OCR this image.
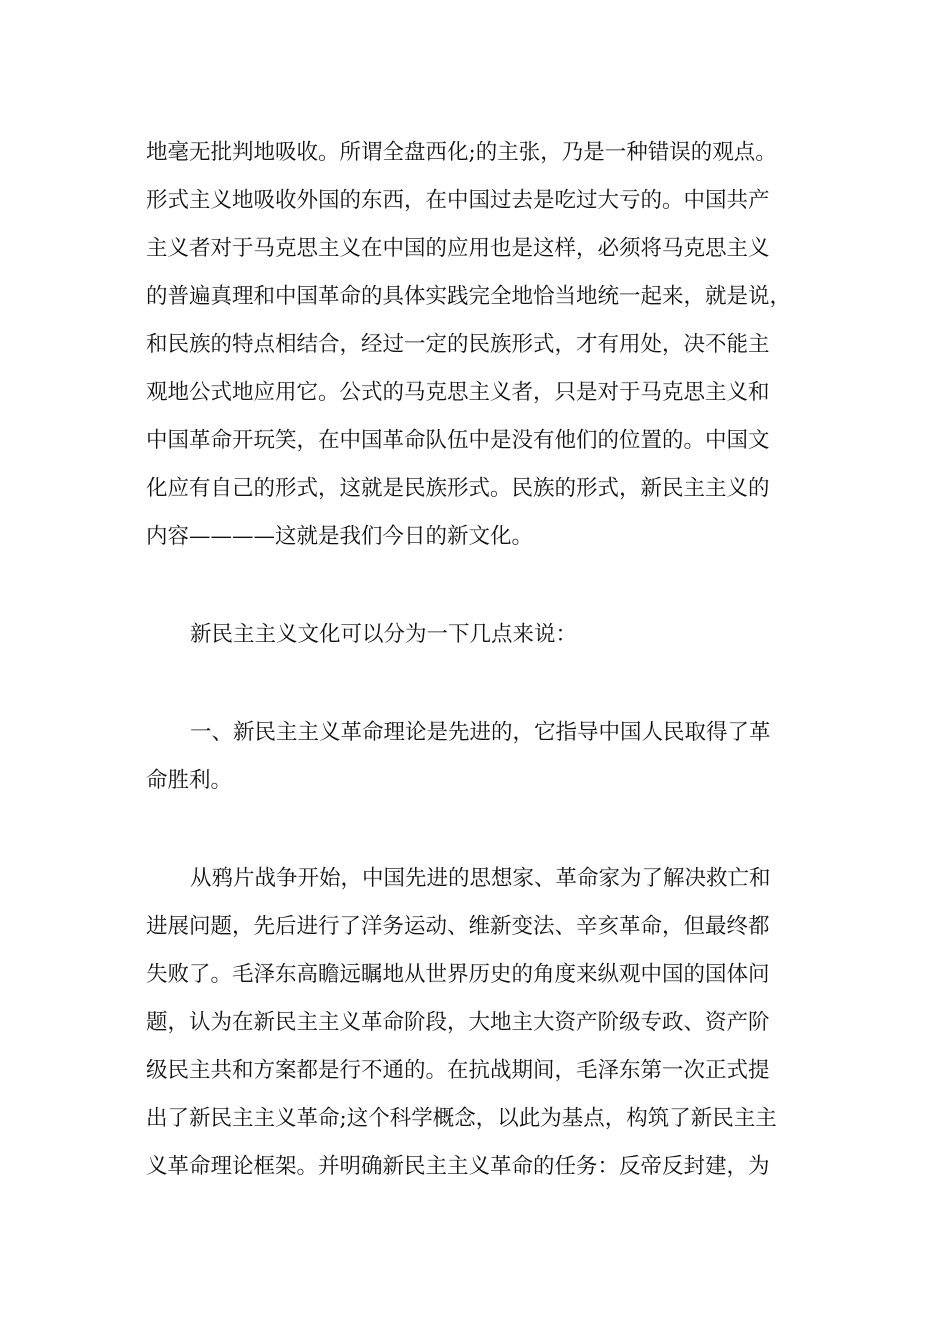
地毫无批判地吸收。所谓全盘西化;的主张，乃是一种错误的观点。

形式主义地吸收外国的东西，在中国过去是吃过大亏的。中国共产

主义者对于马克思主义在中国的应用也是这样，必须将马克思主义

的普遍真理和中国革命的具体实践完全地恰当地统一起来，就是说，

和民族的特点相结合，经过一定的民族形式，才有用处，决不能主

观地公式地应用它。公式的马克思主义者，只是对于马克思主义和

中国革命开玩笑，在中国革命队伍中是没有他们的位置的。中国文

化应有自己的形式，这就是民族形式。民族的形式，新民主主义的

内容————这就是我们今日的新文化。

新民主主义文化可以分为一下几点来说：

一、新民主主义革命理论是先进的，它指导中国人民取得了革

命胜利。

从鸦片战争开始，中国先进的思想家、革命家为了解决救亡和

进展问题，先后进行了洋务运动、维新变法、辛亥革命，但最终都

失败了。毛泽东高瞻远瞩地从世界历史的角度来纵观中国的国体问

题，认为在新民主主义革命阶段，大地主大资产阶级专政、资产阶

级民主共和方案都是行不通的。在抗战期间，毛泽东第一次正式提

出了新民主主义革命;这个科学概念，以此为基点，构筑了新民主主

义革命理论框架。并明确新民主主义革命的任务：反帝反封建，为
